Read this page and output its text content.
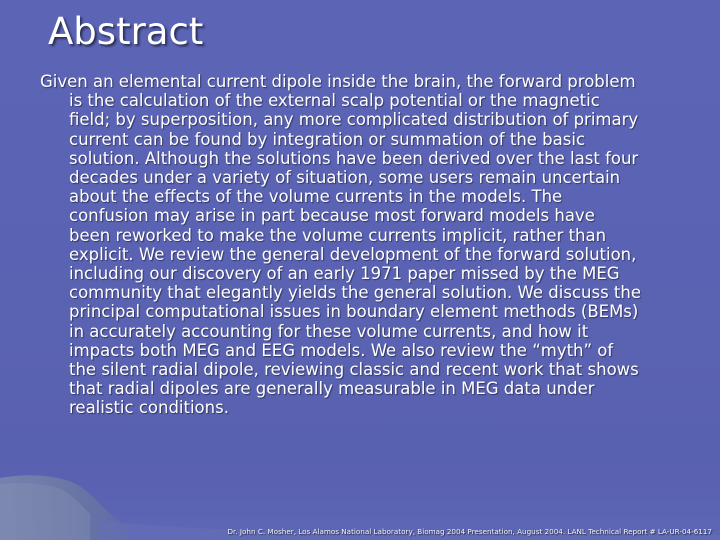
Abstract
Given an elemental current dipole inside the brain, the forward problem
is the calculation of the external scalp potential or the magnetic
field; by superposition, any more complicated distribution of primary
current can be found by integration or summation of the basic
solution. Although the solutions have been derived over the last four
decades under a variety of situation, some users remain uncertain
about the effects of the volume currents in the models. The
confusion may arise in part because most forward models have
been reworked to make the volume currents implicit, rather than
explicit. We review the general development of the forward solution,
including our discovery of an early 1971 paper missed by the MEG
community that elegantly yields the general solution. We discuss the
principal computational issues in boundary element methods (BEMs)
in accurately accounting for these volume currents, and how it
impacts both MEG and EEG models. We also review the “myth” of
the silent radial dipole, reviewing classic and recent work that shows
that radial dipoles are generally measurable in MEG data under
realistic conditions.
Dr. John C. Mosher, Los Alamos National Laboratory, Biomag 2004 Presentation, August 2004. LANL Technical Report # LA-UR-04-6117
